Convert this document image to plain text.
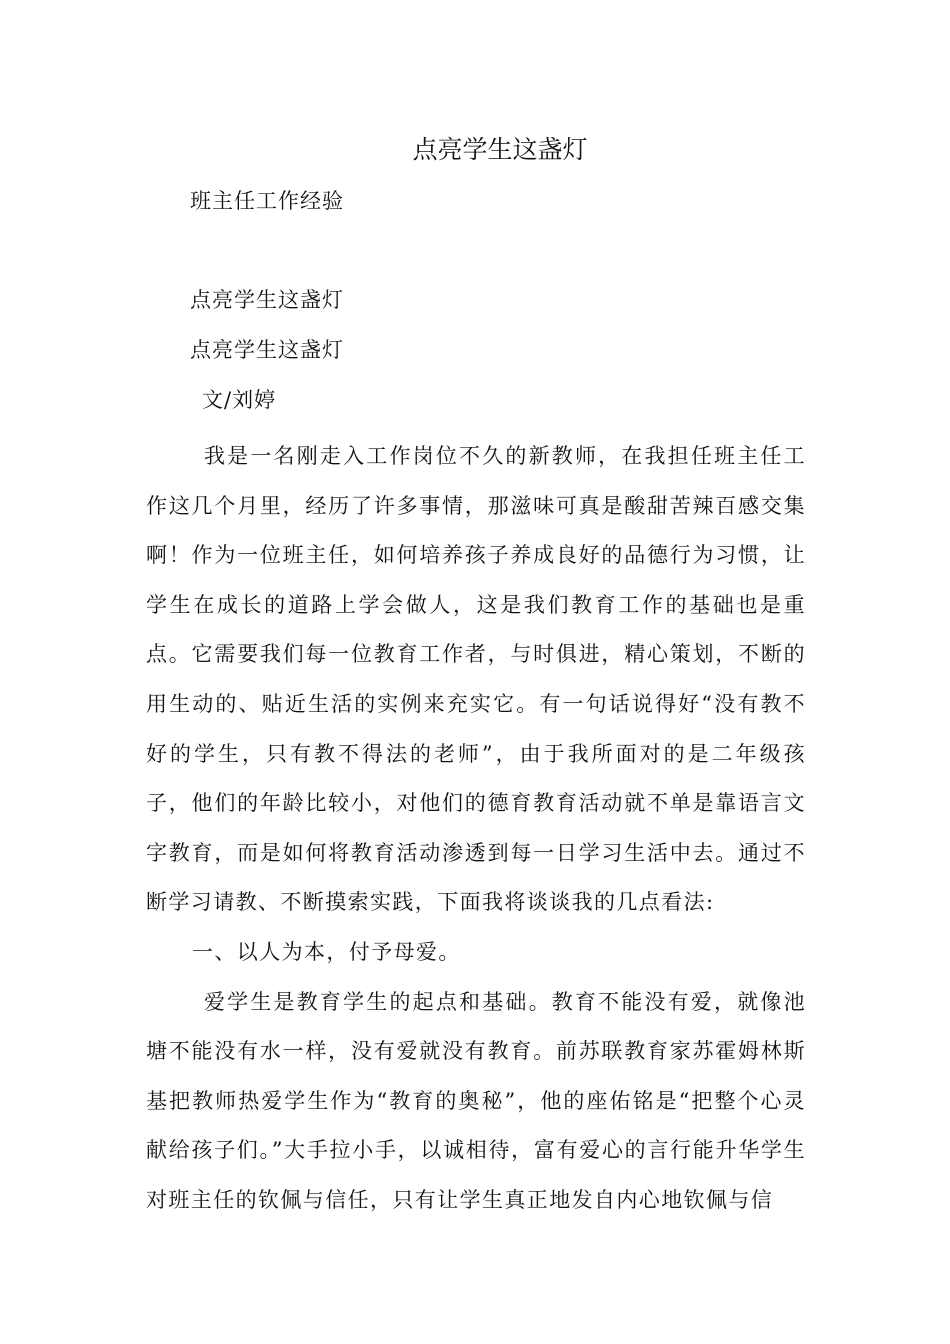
点亮学生这盏灯
班主任工作经验
点亮学生这盏灯
点亮学生这盏灯
文/刘婷

我是一名刚走入工作岗位不久的新教师，在我担任班主任工作这几个月里，经历了许多事情，那滋味可真是酸甜苦辣百感交集啊！作为一位班主任，如何培养孩子养成良好的品德行为习惯，让学生在成长的道路上学会做人，这是我们教育工作的基础也是重点。它需要我们每一位教育工作者，与时俱进，精心策划，不断的用生动的、贴近生活的实例来充实它。有一句话说得好“没有教不好的学生，只有教不得法的老师”，由于我所面对的是二年级孩子，他们的年龄比较小，对他们的德育教育活动就不单是靠语言文字教育，而是如何将教育活动渗透到每一日学习生活中去。通过不断学习请教、不断摸索实践，下面我将谈谈我的几点看法:

一、以人为本，付予母爱。

爱学生是教育学生的起点和基础。教育不能没有爱，就像池塘不能没有水一样，没有爱就没有教育。前苏联教育家苏霍姆林斯基把教师热爱学生作为“教育的奥秘”，他的座佑铭是“把整个心灵献给孩子们。”大手拉小手，以诚相待，富有爱心的言行能升华学生对班主任的钦佩与信任，只有让学生真正地发自内心地钦佩与信
